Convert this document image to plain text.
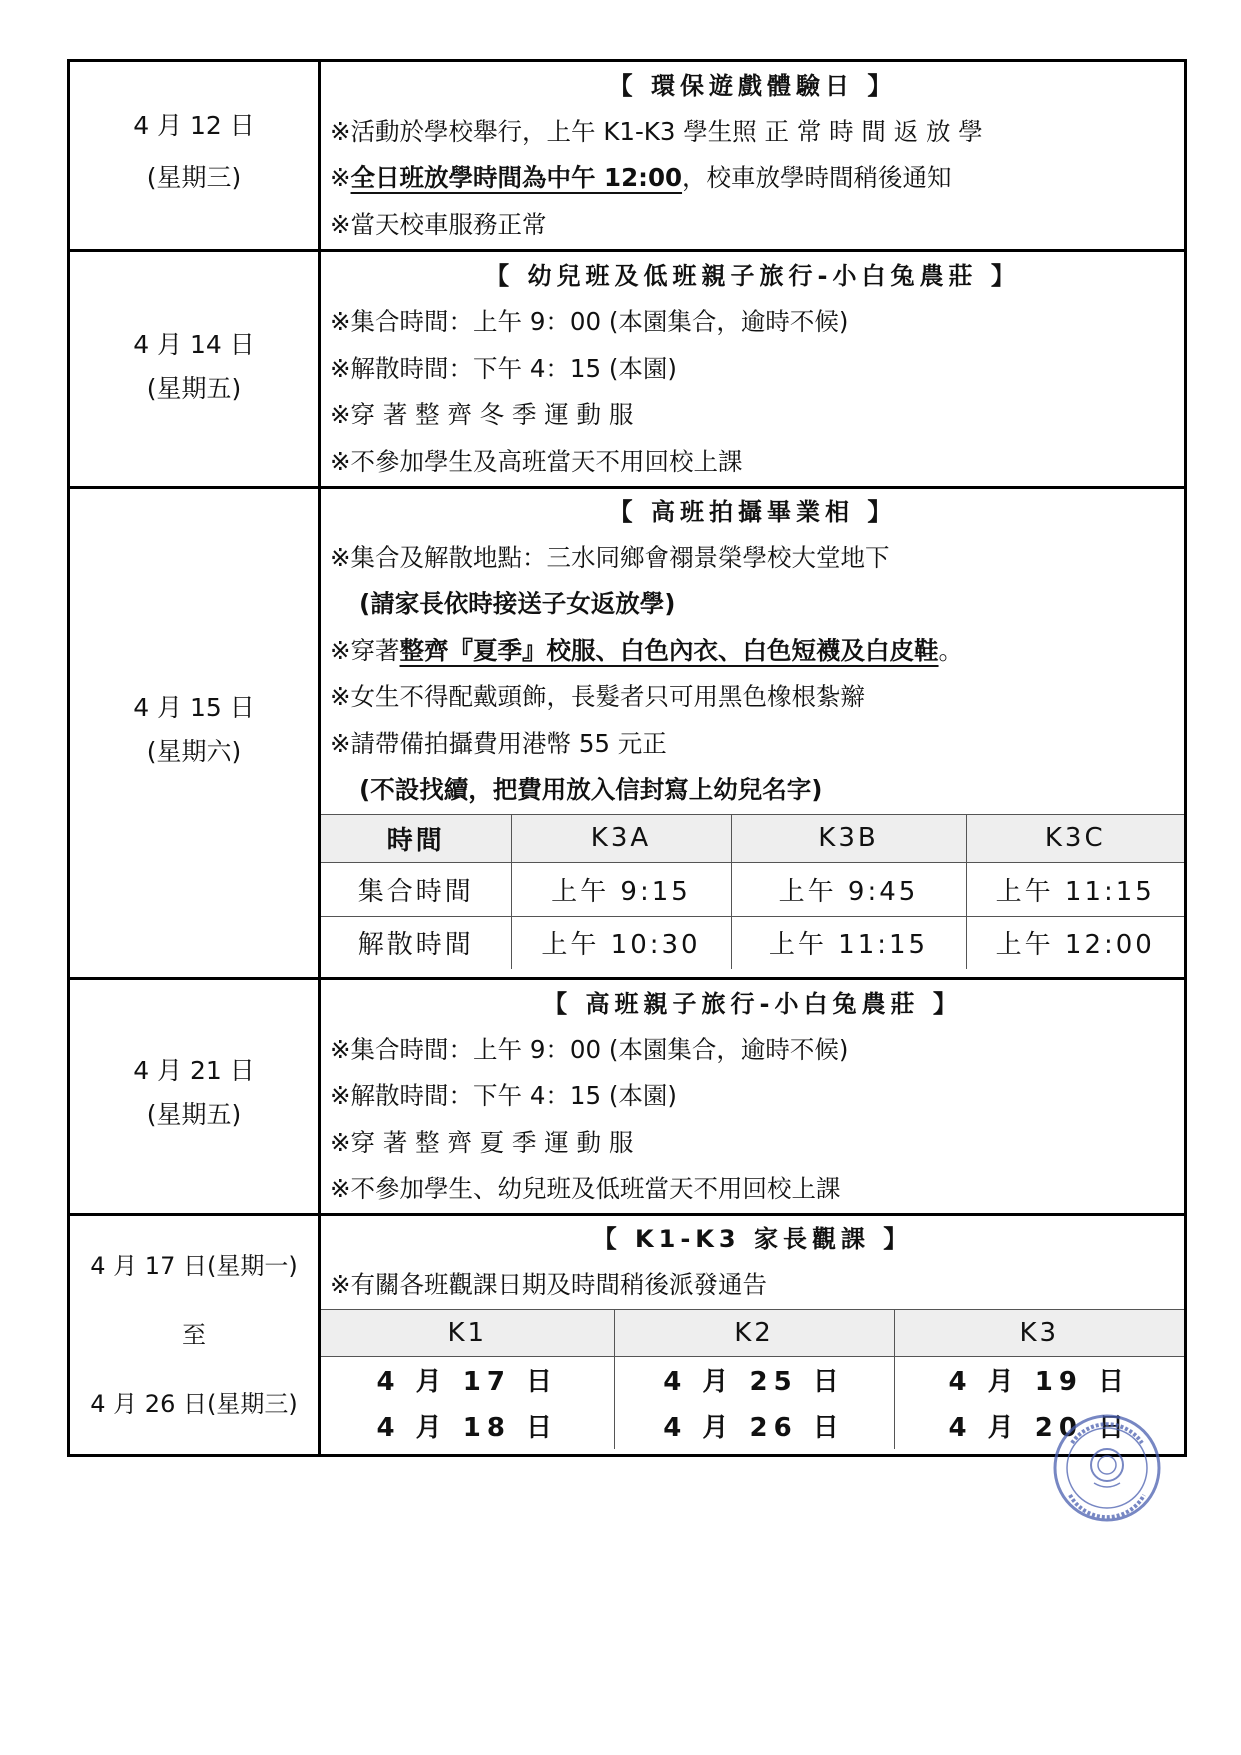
4 月 12 日
(星期三)

【 環保遊戲體驗日 】
※活動於學校舉行，上午 K1-K3 學生照 正 常 時 間 返 放 學
※全日班放學時間為中午 12:00，校車放學時間稍後通知
※當天校車服務正常

4 月 14 日
(星期五)

【 幼兒班及低班親子旅行-小白兔農莊 】
※集合時間：上午 9：00 (本園集合，逾時不候)
※解散時間：下午 4：15 (本園)
※穿 著 整 齊 冬 季 運 動 服
※不參加學生及高班當天不用回校上課

4 月 15 日
(星期六)

【 高班拍攝畢業相 】
※集合及解散地點：三水同鄉會禤景榮學校大堂地下
(請家長依時接送子女返放學)
※穿著整齊『夏季』校服、白色內衣、白色短襪及白皮鞋。
※女生不得配戴頭飾，長髮者只可用黑色橡根紮辮
※請帶備拍攝費用港幣 55 元正
(不設找續，把費用放入信封寫上幼兒名字)
時間	K3A	K3B	K3C
集合時間	上午 9:15	上午 9:45	上午 11:15
解散時間	上午 10:30	上午 11:15	上午 12:00

4 月 21 日
(星期五)

【 高班親子旅行-小白兔農莊 】
※集合時間：上午 9：00 (本園集合，逾時不候)
※解散時間：下午 4：15 (本園)
※穿 著 整 齊 夏 季 運 動 服
※不參加學生、幼兒班及低班當天不用回校上課

4 月 17 日(星期一)
至
4 月 26 日(星期三)

【 K1-K3 家長觀課 】
※有關各班觀課日期及時間稍後派發通告
K1	K2	K3
4 月 17 日	4 月 25 日	4 月 19 日
4 月 18 日	4 月 26 日	4 月 20 日
